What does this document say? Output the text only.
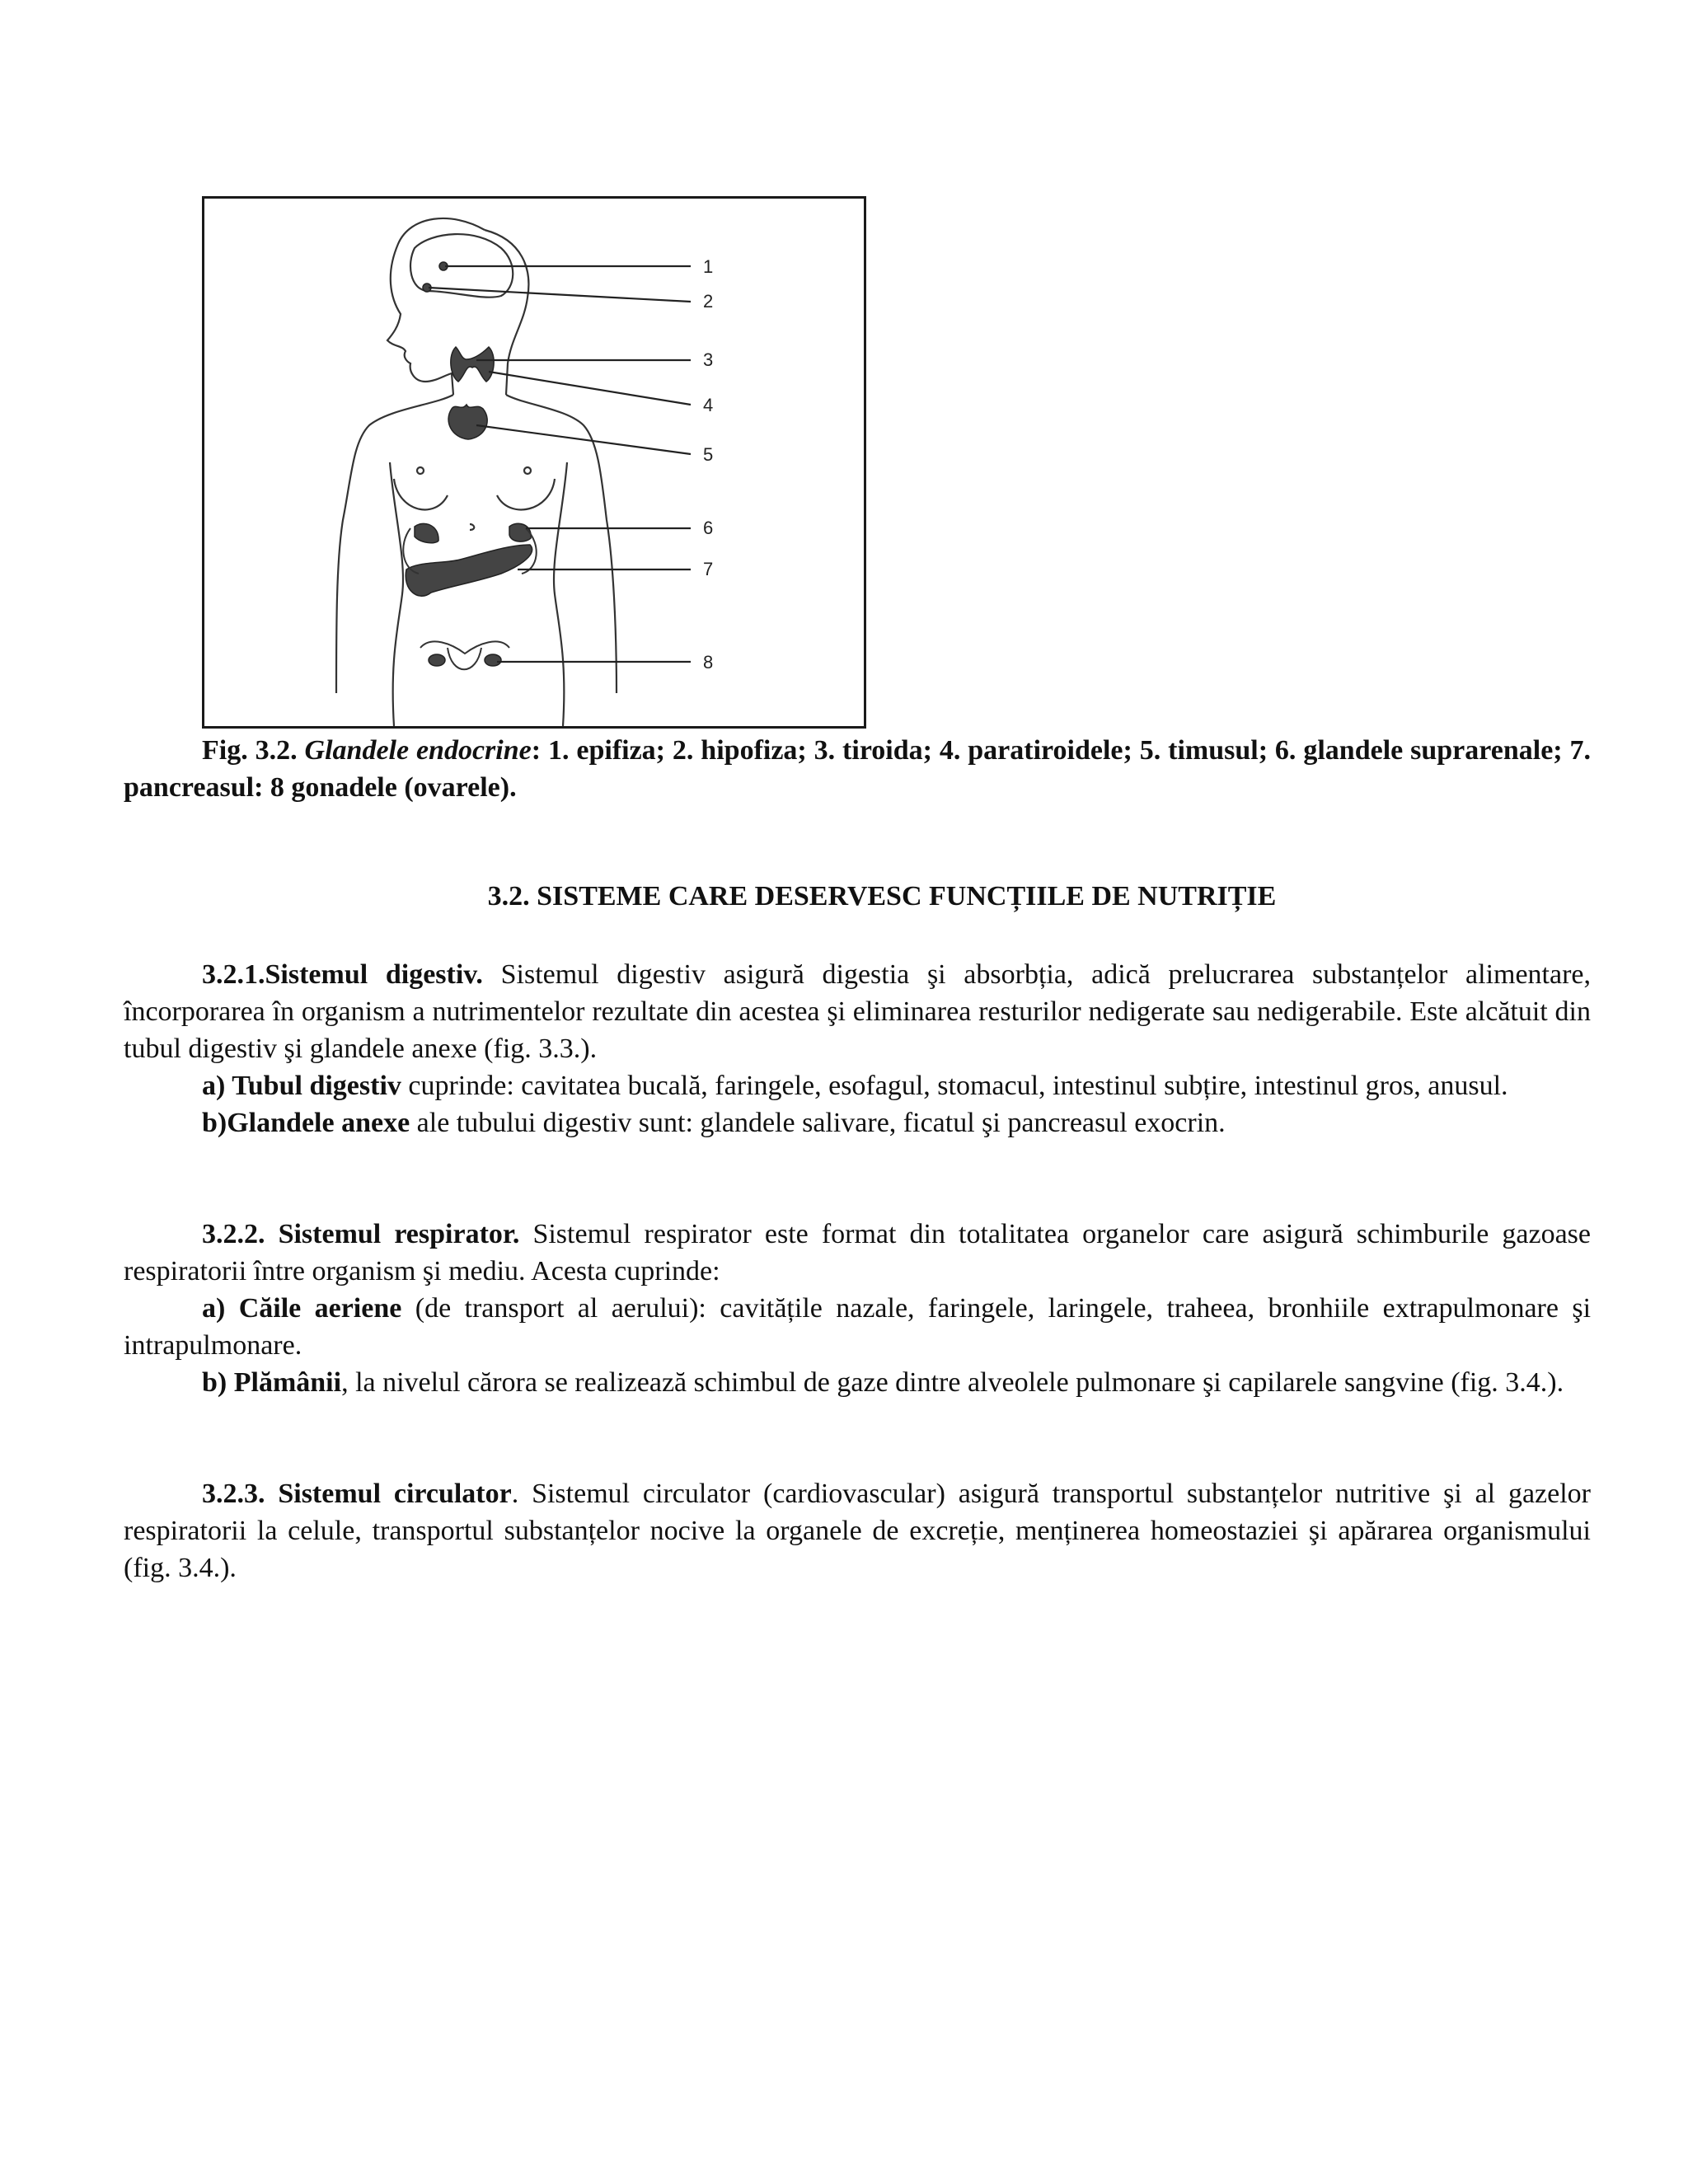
1
2
3
4
5
6
7
8

Fig. 3.2. Glandele endocrine: 1. epifiza; 2. hipofiza; 3. tiroida; 4. paratiroidele; 5. timusul; 6. glandele suprarenale; 7. pancreasul: 8 gonadele (ovarele).

3.2. SISTEME CARE DESERVESC FUNCȚIILE DE NUTRIȚIE

3.2.1.Sistemul digestiv. Sistemul digestiv asigură digestia şi absorbția, adică prelucrarea substanțelor alimentare, încorporarea în organism a nutrimentelor rezultate din acestea şi eliminarea resturilor nedigerate sau nedigerabile. Este alcătuit din tubul digestiv şi glandele anexe (fig. 3.3.).

a) Tubul digestiv cuprinde: cavitatea bucală, faringele, esofagul, stomacul, intestinul subțire, intestinul gros, anusul.

b)Glandele anexe ale tubului digestiv sunt: glandele salivare, ficatul şi pancreasul exocrin.

3.2.2. Sistemul respirator. Sistemul respirator este format din totalitatea organelor care asigură schimburile gazoase respiratorii între organism şi mediu. Acesta cuprinde:

a) Căile aeriene (de transport al aerului): cavitățile nazale, faringele, laringele, traheea, bronhiile extrapulmonare şi intrapulmonare.

b) Plămânii, la nivelul cărora se realizează schimbul de gaze dintre alveolele pulmonare şi capilarele sangvine (fig. 3.4.).

3.2.3. Sistemul circulator. Sistemul circulator (cardiovascular) asigură transportul substanțelor nutritive şi al gazelor respiratorii la celule, transportul substanțelor nocive la organele de excreție, menținerea homeostaziei şi apărarea organismului (fig. 3.4.).
